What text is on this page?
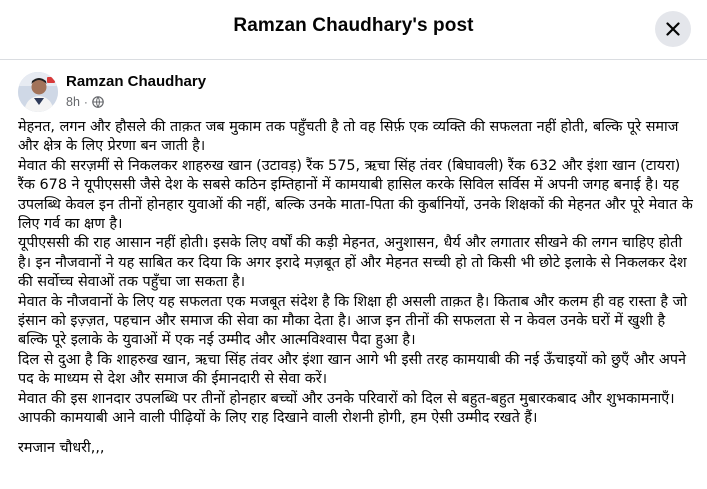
Ramzan Chaudhary's post
Ramzan Chaudhary
8h ·

मेहनत, लगन और हौसले की ताक़त जब मुकाम तक पहुँचती है तो वह सिर्फ़ एक व्यक्ति की सफलता नहीं होती, बल्कि पूरे समाज और क्षेत्र के लिए प्रेरणा बन जाती है।

मेवात की सरज़मीं से निकलकर शाहरुख खान (उटावड़) रैंक 575, ऋचा सिंह तंवर (बिघावली) रैंक 632 और इंशा खान (टायरा) रैंक 678 ने यूपीएससी जैसे देश के सबसे कठिन इम्तिहानों में कामयाबी हासिल करके सिविल सर्विस में अपनी जगह बनाई है। यह उपलब्धि केवल इन तीनों होनहार युवाओं की नहीं, बल्कि उनके माता-पिता की कुर्बानियों, उनके शिक्षकों की मेहनत और पूरे मेवात के लिए गर्व का क्षण है।

यूपीएससी की राह आसान नहीं होती। इसके लिए वर्षों की कड़ी मेहनत, अनुशासन, धैर्य और लगातार सीखने की लगन चाहिए होती है। इन नौजवानों ने यह साबित कर दिया कि अगर इरादे मज़बूत हों और मेहनत सच्ची हो तो किसी भी छोटे इलाके से निकलकर देश की सर्वोच्च सेवाओं तक पहुँचा जा सकता है।

मेवात के नौजवानों के लिए यह सफलता एक मजबूत संदेश है कि शिक्षा ही असली ताक़त है। किताब और कलम ही वह रास्ता है जो इंसान को इज़्ज़त, पहचान और समाज की सेवा का मौका देता है। आज इन तीनों की सफलता से न केवल उनके घरों में खुशी है बल्कि पूरे इलाके के युवाओं में एक नई उम्मीद और आत्मविश्वास पैदा हुआ है।

दिल से दुआ है कि शाहरुख खान, ऋचा सिंह तंवर और इंशा खान आगे भी इसी तरह कामयाबी की नई ऊँचाइयों को छुएँ और अपने पद के माध्यम से देश और समाज की ईमानदारी से सेवा करें।

मेवात की इस शानदार उपलब्धि पर तीनों होनहार बच्चों और उनके परिवारों को दिल से बहुत-बहुत मुबारकबाद और शुभकामनाएँ।

आपकी कामयाबी आने वाली पीढ़ियों के लिए राह दिखाने वाली रोशनी होगी, हम ऐसी उम्मीद रखते हैं।

रमजान चौधरी,,,
